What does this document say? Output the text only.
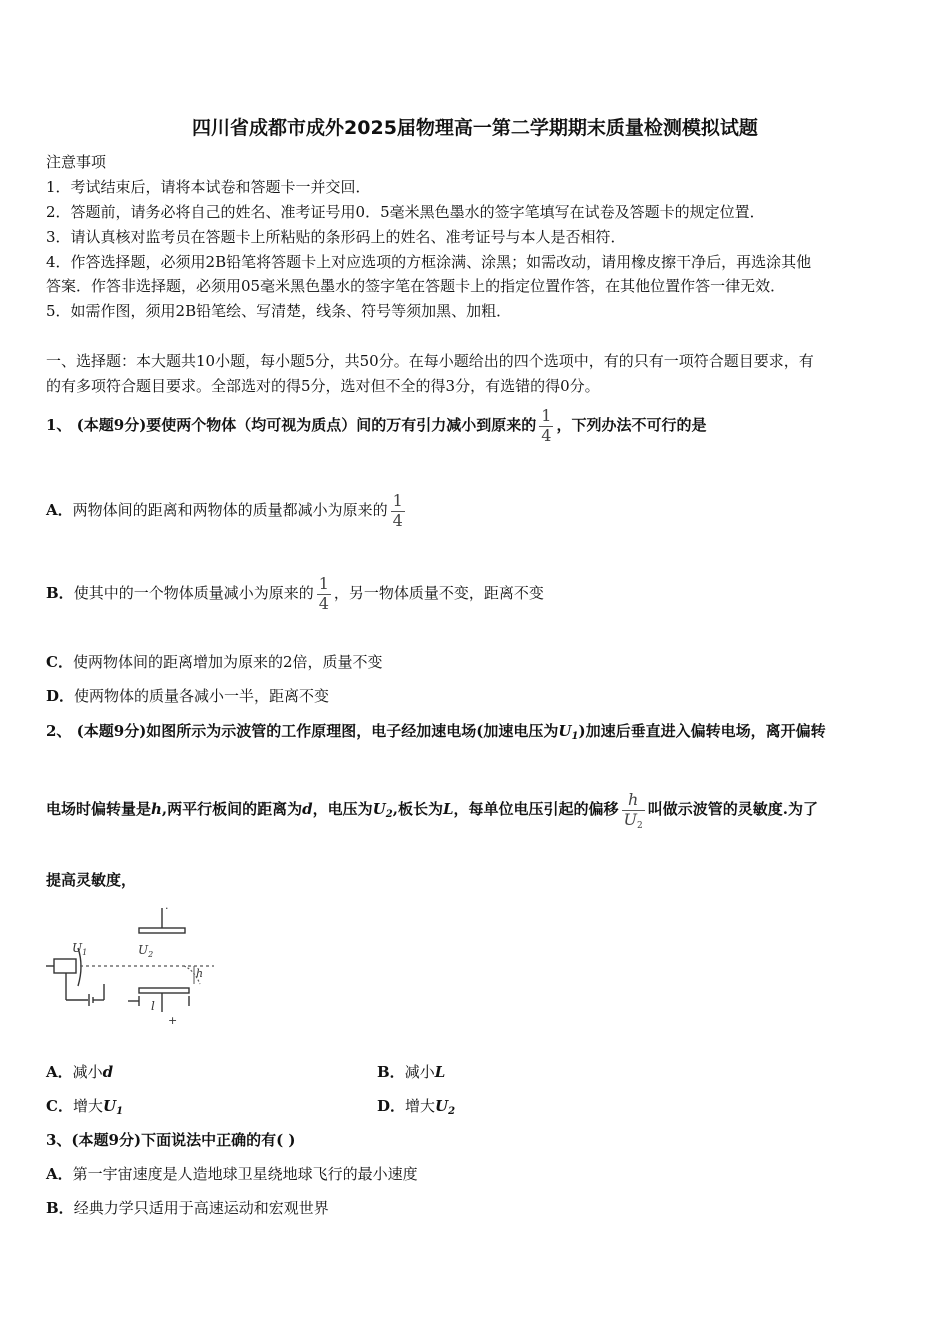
四川省成都市成外2025届物理高一第二学期期末质量检测模拟试题
注意事项
1．考试结束后，请将本试卷和答题卡一并交回．
2．答题前，请务必将自己的姓名、准考证号用0．5毫米黑色墨水的签字笔填写在试卷及答题卡的规定位置．
3．请认真核对监考员在答题卡上所粘贴的条形码上的姓名、准考证号与本人是否相符．
4．作答选择题，必须用2B铅笔将答题卡上对应选项的方框涂满、涂黑；如需改动，请用橡皮擦干净后，再选涂其他
答案．作答非选择题，必须用05毫米黑色墨水的签字笔在答题卡上的指定位置作答，在其他位置作答一律无效．
5．如需作图，须用2B铅笔绘、写清楚，线条、符号等须加黑、加粗．
一、选择题：本大题共10小题，每小题5分，共50分。在每小题给出的四个选项中，有的只有一项符合题目要求，有
的有多项符合题目要求。全部选对的得5分，选对但不全的得3分，有选错的得0分。
1、 (本题9分)要使两个物体（均可视为质点）间的万有引力减小到原来的 $\frac{1}{4}$ ，下列办法不可行的是
A．两物体间的距离和两物体的质量都减小为原来的 $\frac{1}{4}$
B．使其中的一个物体质量减小为原来的 $\frac{1}{4}$ ，另一物体质量不变，距离不变
C．使两物体间的距离增加为原来的2倍，质量不变
D．使两物体的质量各减小一半，距离不变
2、 (本题9分)如图所示为示波管的工作原理图，电子经加速电场(加速电压为$U_1$)加速后垂直进入偏转电场，离开偏转
电场时偏转量是h,两平行板间的距离为d，电压为$U_2$,板长为L，每单位电压引起的偏移 $\frac{h}{U_2}$ 叫做示波管的灵敏度.为了
提高灵敏度，
$U_1$	$U_2$
h
l
+
·
A．减小d	B．减小L
C．增大$U_1$	D．增大$U_2$
3、(本题9分)下面说法中正确的有( )
A．第一宇宙速度是人造地球卫星绕地球飞行的最小速度
B．经典力学只适用于高速运动和宏观世界
